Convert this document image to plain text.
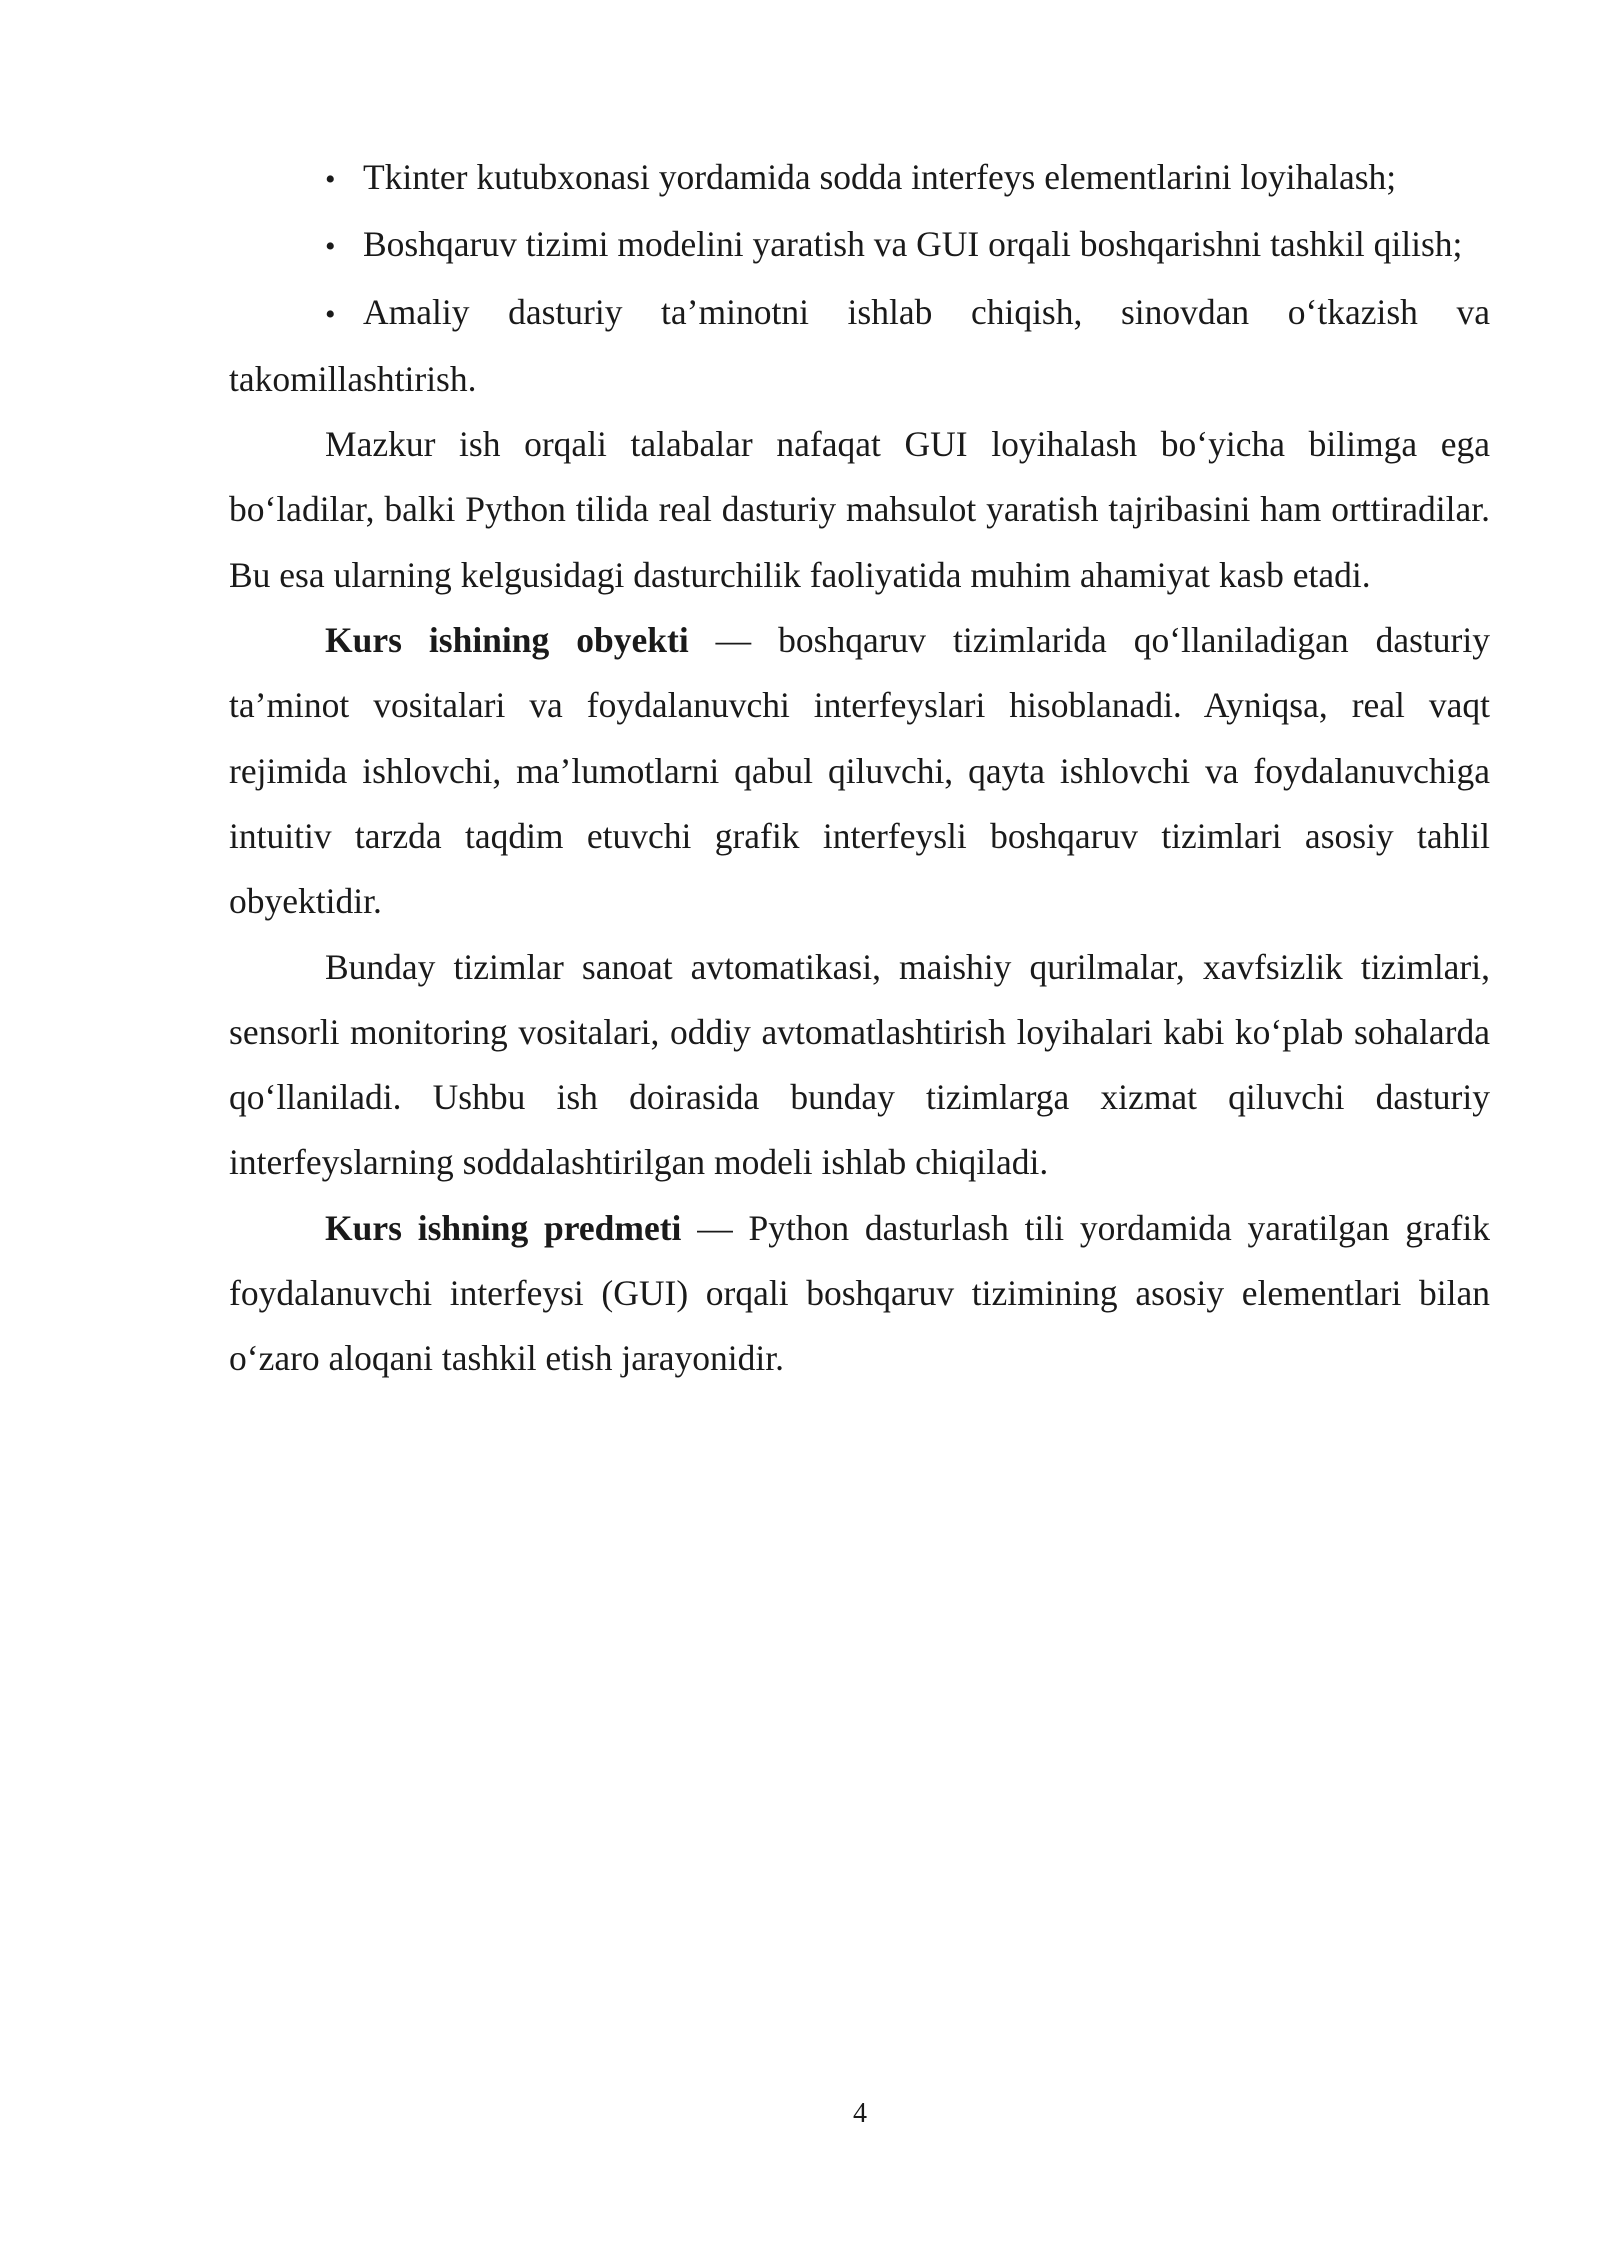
• Tkinter kutubxonasi yordamida sodda interfeys elementlarini loyihalash;

• Boshqaruv tizimi modelini yaratish va GUI orqali boshqarishni tashkil qilish;

• Amaliy dasturiy ta’minotni ishlab chiqish, sinovdan o‘tkazish va takomillashtirish.

Mazkur ish orqali talabalar nafaqat GUI loyihalash bo‘yicha bilimga ega bo‘ladilar, balki Python tilida real dasturiy mahsulot yaratish tajribasini ham orttiradilar. Bu esa ularning kelgusidagi dasturchilik faoliyatida muhim ahamiyat kasb etadi.

Kurs ishining obyekti — boshqaruv tizimlarida qo‘llaniladigan dasturiy ta’minot vositalari va foydalanuvchi interfeyslari hisoblanadi. Ayniqsa, real vaqt rejimida ishlovchi, ma’lumotlarni qabul qiluvchi, qayta ishlovchi va foydalanuvchiga intuitiv tarzda taqdim etuvchi grafik interfeysli boshqaruv tizimlari asosiy tahlil obyektidir.

Bunday tizimlar sanoat avtomatikasi, maishiy qurilmalar, xavfsizlik tizimlari, sensorli monitoring vositalari, oddiy avtomatlashtirish loyihalari kabi ko‘plab sohalarda qo‘llaniladi. Ushbu ish doirasida bunday tizimlarga xizmat qiluvchi dasturiy interfeyslarning soddalashtirilgan modeli ishlab chiqiladi.

Kurs ishning predmeti — Python dasturlash tili yordamida yaratilgan grafik foydalanuvchi interfeysi (GUI) orqali boshqaruv tizimining asosiy elementlari bilan o‘zaro aloqani tashkil etish jarayonidir.

4
